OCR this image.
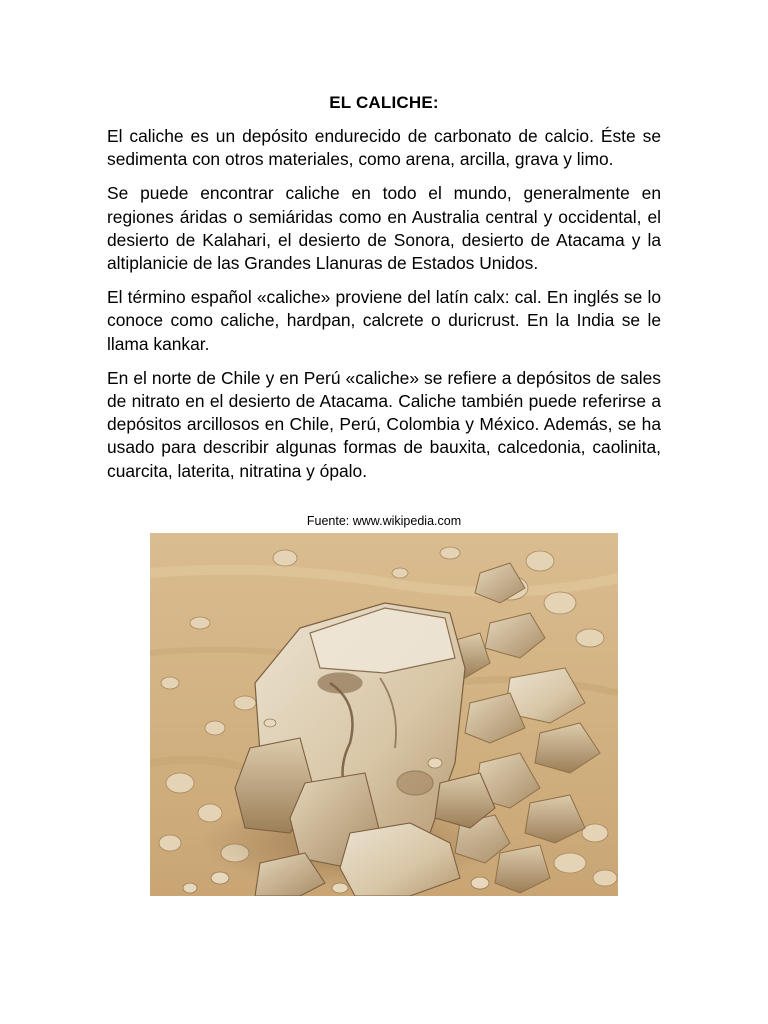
EL CALICHE:

El caliche es un depósito endurecido de carbonato de calcio. Éste se sedimenta con otros materiales, como arena, arcilla, grava y limo.

Se puede encontrar caliche en todo el mundo, generalmente en regiones áridas o semiáridas como en Australia central y occidental, el desierto de Kalahari, el desierto de Sonora, desierto de Atacama y la altiplanicie de las Grandes Llanuras de Estados Unidos.

El término español «caliche» proviene del latín calx: cal. En inglés se lo conoce como caliche, hardpan, calcrete o duricrust. En la India se le llama kankar.

En el norte de Chile y en Perú «caliche» se refiere a depósitos de sales de nitrato en el desierto de Atacama. Caliche también puede referirse a depósitos arcillosos en Chile, Perú, Colombia y México. Además, se ha usado para describir algunas formas de bauxita, calcedonia, caolinita, cuarcita, laterita, nitratina y ópalo.

Fuente: www.wikipedia.com
